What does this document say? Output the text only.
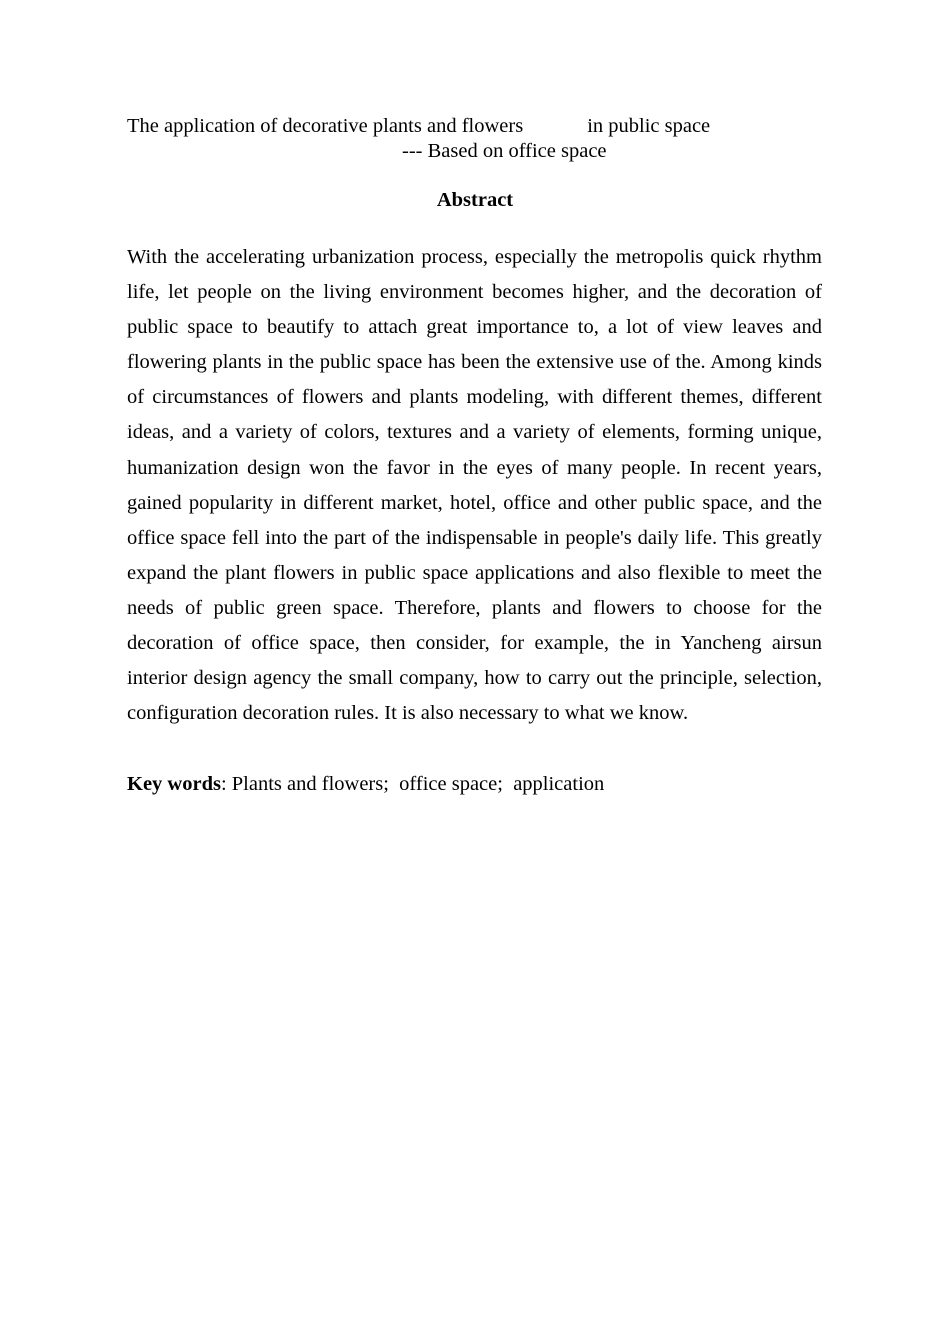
The application of decorative plants and flowers	in public space
--- Based on office space
Abstract

With the accelerating urbanization process, especially the metropolis quick rhythm life, let people on the living environment becomes higher, and the decoration of public space to beautify to attach great importance to, a lot of view leaves and flowering plants in the public space has been the extensive use of the. Among kinds of circumstances of flowers and plants modeling, with different themes, different ideas, and a variety of colors, textures and a variety of elements, forming unique, humanization design won the favor in the eyes of many people. In recent years, gained popularity in different market, hotel, office and other public space, and the office space fell into the part of the indispensable in people's daily life. This greatly expand the plant flowers in public space applications and also flexible to meet the needs of public green space. Therefore, plants and flowers to choose for the decoration of office space, then consider, for example, the in Yancheng airsun interior design agency the small company, how to carry out the principle, selection, configuration decoration rules. It is also necessary to what we know.

Key words: Plants and flowers;  office space;  application
